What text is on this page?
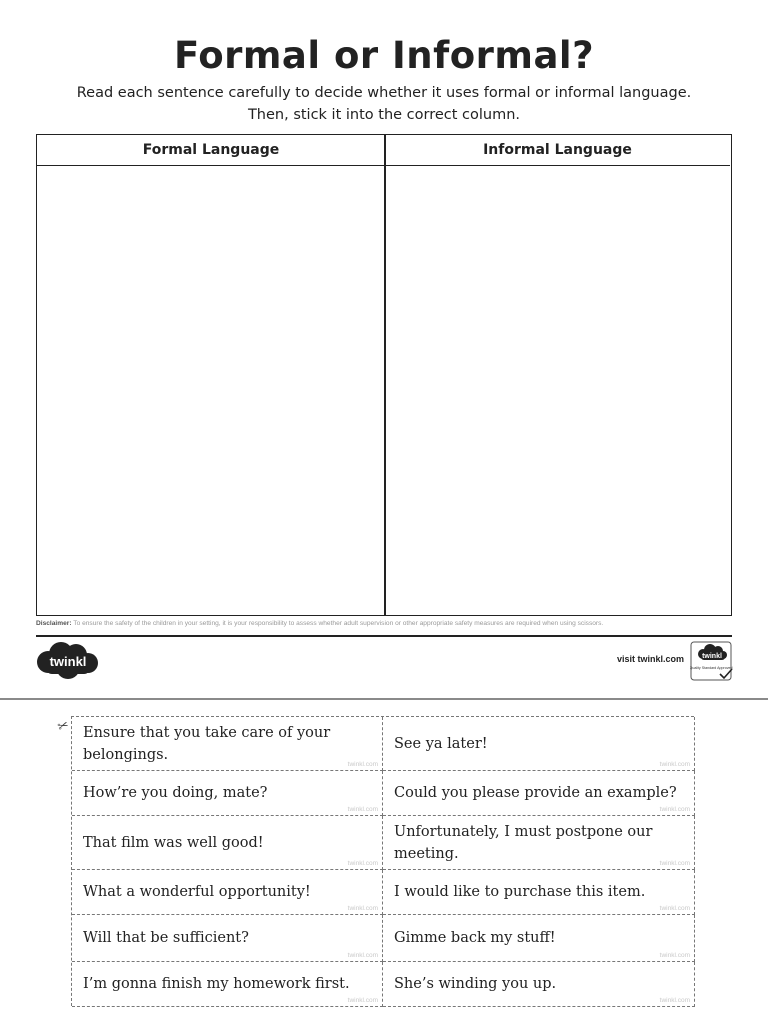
Formal or Informal?
Read each sentence carefully to decide whether it uses formal or informal language.
Then, stick it into the correct column.
Formal Language	Informal Language
Disclaimer: To ensure the safety of the children in your setting, it is your responsibility to assess whether adult supervision or other appropriate safety measures are required when using scissors.
twinkl	visit twinkl.com	twinkl
Quality Standard Approved
✂ Ensure that you take care of your belongings.
twinkl.com
See ya later!
twinkl.com
How’re you doing, mate?
twinkl.com
Could you please provide an example?
twinkl.com
That film was well good!
twinkl.com
Unfortunately, I must postpone our meeting.
twinkl.com
What a wonderful opportunity!
twinkl.com
I would like to purchase this item.
twinkl.com
Will that be sufficient?
twinkl.com
Gimme back my stuff!
twinkl.com
I’m gonna finish my homework first.
twinkl.com
She’s winding you up.
twinkl.com
